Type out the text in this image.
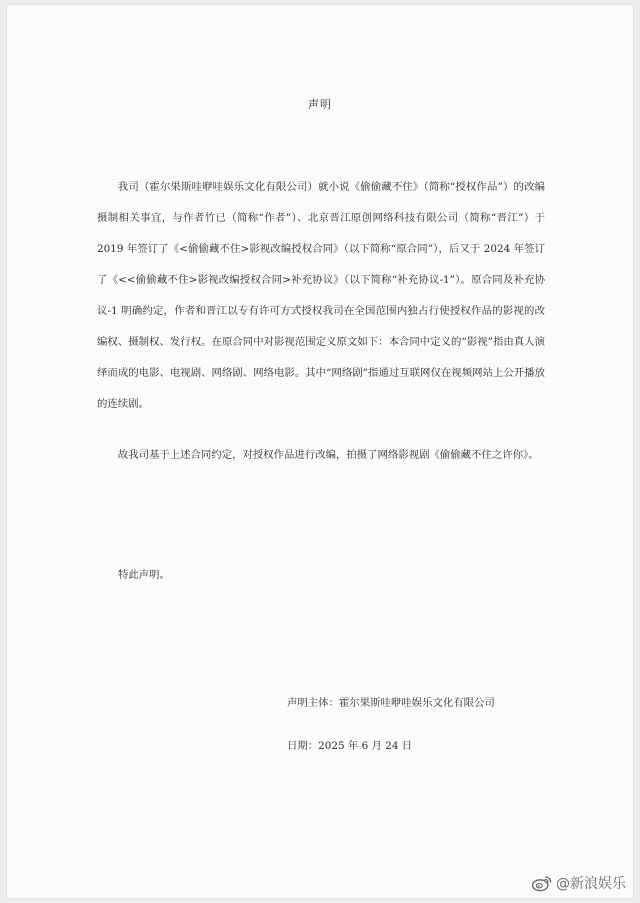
声明

我司（霍尔果斯哇咿哇娱乐文化有限公司）就小说《偷偷藏不住》（简称“授权作品”）的改编摄制相关事宜，与作者竹已（简称“作者”）、北京晋江原创网络科技有限公司（简称“晋江”）于 2019 年签订了《<偷偷藏不住>影视改编授权合同》（以下简称“原合同”），后又于 2024 年签订了《<<偷偷藏不住>影视改编授权合同>补充协议》（以下简称“补充协议-1”）。原合同及补充协议-1 明确约定，作者和晋江以专有许可方式授权我司在全国范围内独占行使授权作品的影视的改编权、摄制权、发行权。在原合同中对影视范围定义原文如下：本合同中定义的“影视”指由真人演绎而成的电影、电视剧、网络剧、网络电影。其中“网络剧”指通过互联网仅在视频网站上公开播放的连续剧。

故我司基于上述合同约定，对授权作品进行改编，拍摄了网络影视剧《偷偷藏不住之许你》。

特此声明。
声明主体：霍尔果斯哇咿哇娱乐文化有限公司
日期：2025 年 6 月 24 日
@新浪娱乐
